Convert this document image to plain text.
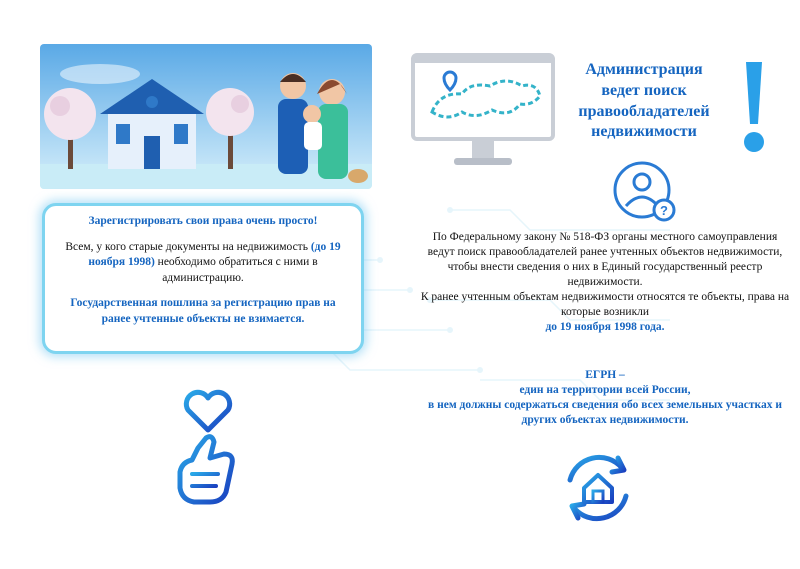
Зарегистрировать свои права очень просто!

Всем, у кого старые документы на недвижимость (до 19 ноября 1998) необходимо обратиться с ними в администрацию.

Государственная пошлина за регистрацию прав на ранее учтенные объекты не взимается.

Администрация
ведет поиск
правообладателей
недвижимости
?

По Федеральному закону № 518-ФЗ органы местного самоуправления ведут поиск правообладателей ранее учтенных объектов недвижимости, чтобы внести сведения о них в Единый государственный реестр недвижимости.

К ранее учтенным объектам недвижимости относятся те объекты, права на которые возникли

до 19 ноября 1998 года.

ЕГРН –

един на территории всей России,

в нем должны содержаться сведения обо всех земельных участках и других объектах недвижимости.
